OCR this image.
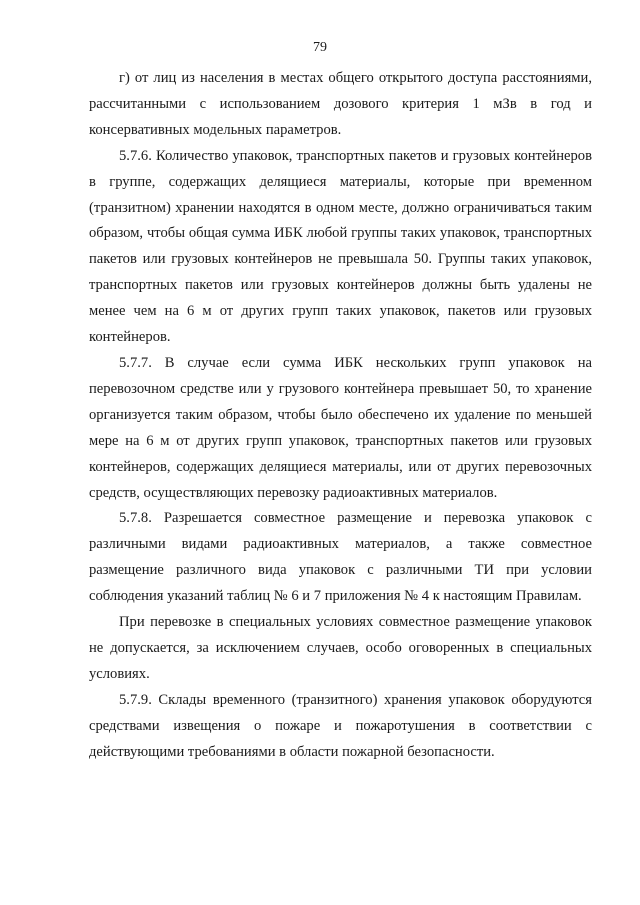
79

г) от лиц из населения в местах общего открытого доступа расстояниями, рассчитанными с использованием дозового критерия 1 мЗв в год и консервативных модельных параметров.

5.7.6. Количество упаковок, транспортных пакетов и грузовых контейнеров в группе, содержащих делящиеся материалы, которые при временном (транзитном) хранении находятся в одном месте, должно ограничиваться таким образом, чтобы общая сумма ИБК любой группы таких упаковок, транспортных пакетов или грузовых контейнеров не превышала 50. Группы таких упаковок, транспортных пакетов или грузовых контейнеров должны быть удалены не менее чем на 6 м от других групп таких упаковок, пакетов или грузовых контейнеров.

5.7.7. В случае если сумма ИБК нескольких групп упаковок на перевозочном средстве или у грузового контейнера превышает 50, то хранение организуется таким образом, чтобы было обеспечено их удаление по меньшей мере на 6 м от других групп упаковок, транспортных пакетов или грузовых контейнеров, содержащих делящиеся материалы, или от других перевозочных средств, осуществляющих перевозку радиоактивных материалов.

5.7.8. Разрешается совместное размещение и перевозка упаковок с различными видами радиоактивных материалов, а также совместное размещение различного вида упаковок с различными ТИ при условии соблюдения указаний таблиц № 6 и 7 приложения № 4 к настоящим Правилам.

При перевозке в специальных условиях совместное размещение упаковок не допускается, за исключением случаев, особо оговоренных в специальных условиях.

5.7.9. Склады временного (транзитного) хранения упаковок оборудуются средствами извещения о пожаре и пожаротушения в соответствии с действующими требованиями в области пожарной безопасности.
